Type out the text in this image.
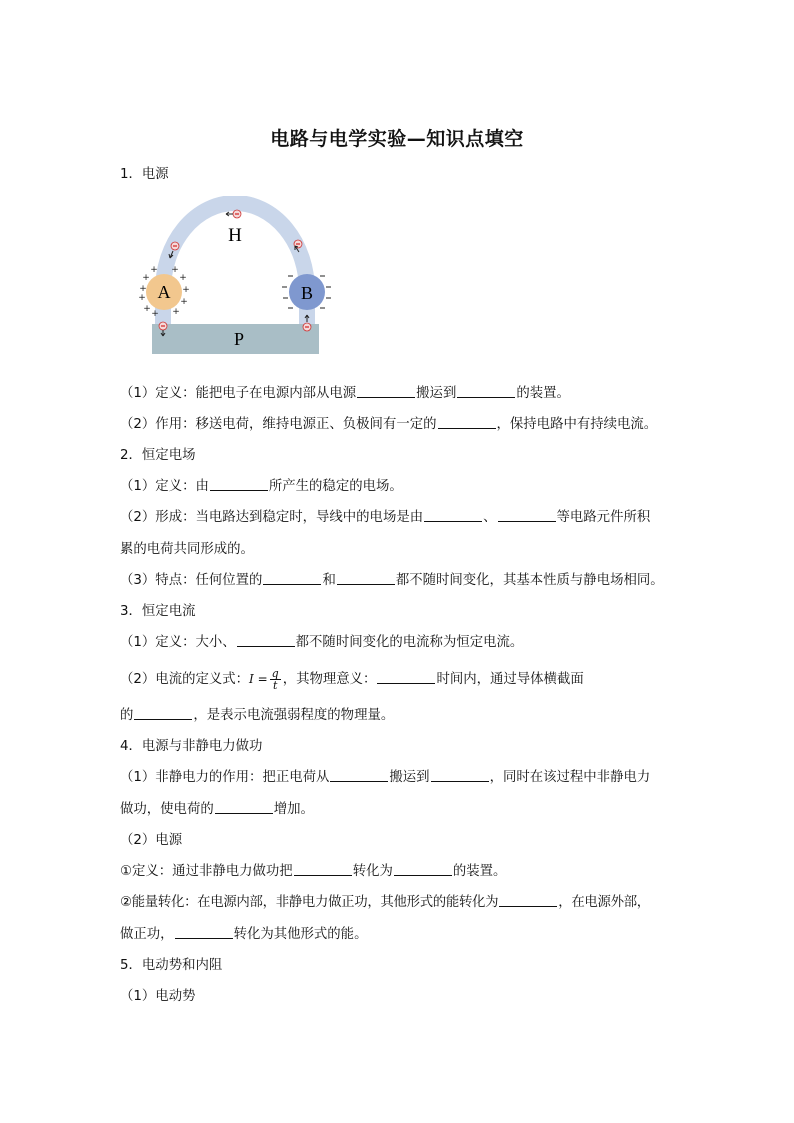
电路与电学实验—知识点填空
1．电源
P
H
A	B
+
+
+
+
+ +
+
+
+
+
+
（1）定义：能把电子在电源内部从电源	搬运到	的装置。
（2）作用：移送电荷，维持电源正、负极间有一定的	，保持电路中有持续电流。
2．恒定电场
（1）定义：由	所产生的稳定的电场。
（2）形成：当电路达到稳定时，导线中的电场是由	、	等电路元件所积
累的电荷共同形成的。
（3）特点：任何位置的	和	都不随时间变化，其基本性质与静电场相同。
3．恒定电流
（1）定义：大小、	都不随时间变化的电流称为恒定电流。
（2）电流的定义式：$I = \frac{q}{t}$ ，其物理意义：	时间内，通过导体横截面
的	，是表示电流强弱程度的物理量。
4．电源与非静电力做功
（1）非静电力的作用：把正电荷从	搬运到	，同时在该过程中非静电力
做功，使电荷的	增加。
（2）电源
①定义：通过非静电力做功把	转化为	的装置。
②能量转化：在电源内部，非静电力做正功，其他形式的能转化为	，在电源外部，
做正功，	转化为其他形式的能。
5．电动势和内阻
（1）电动势
